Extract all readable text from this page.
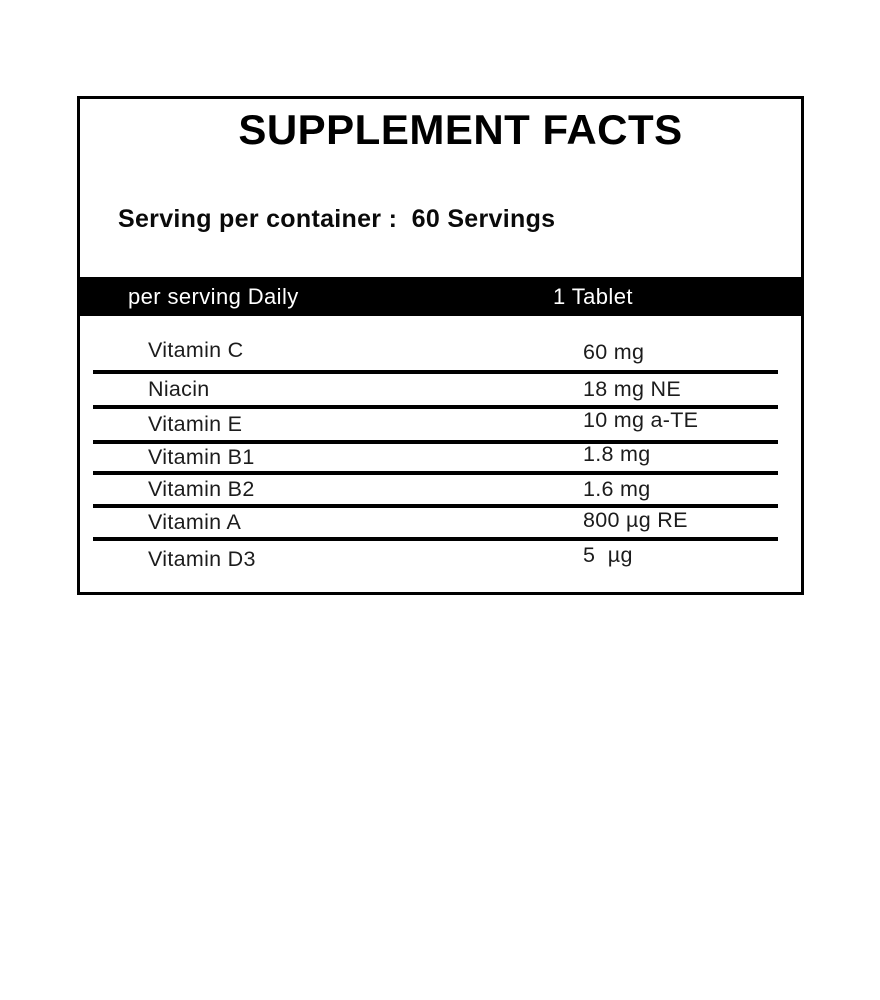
SUPPLEMENT FACTS
Serving per container :  60 Servings
per serving Daily	1 Tablet
Vitamin C	60 mg
Niacin	18 mg NE
Vitamin E	10 mg a-TE
Vitamin B1	1.8 mg
Vitamin B2	1.6 mg
Vitamin A	800 µg RE
Vitamin D3	5  µg
